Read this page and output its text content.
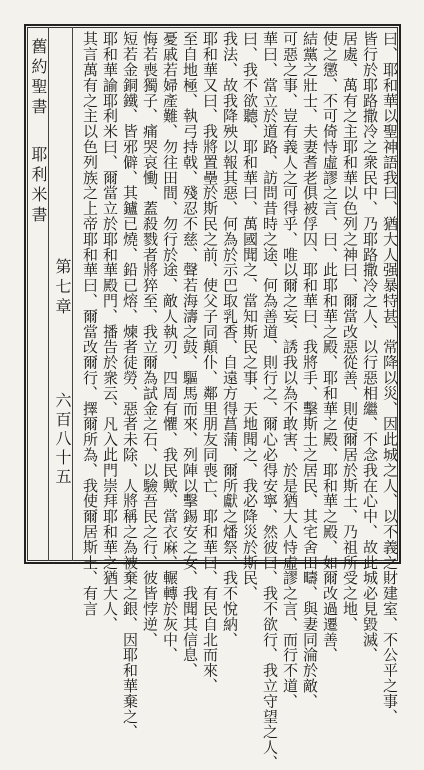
舊約聖書耶利米書
第七章
六百八十五	曰、耶和華以聖神語我曰、猶大人强暴特甚、常降以災、因此城之人、以不義之財建室、不公平之事、
皆行於耶路撒冷之衆民中、乃耶路撒冷之人、以行惡相繼、不念我在心中、故此城必見毀滅、
居處、萬有之主耶和華以色列之神曰、爾當改惡從善、則使爾居於斯土、乃祖所受之地、
使之懲、不可倚恃虛謬之言、曰、此耶和華之殿、耶和華之殿、耶和華之殿、如爾改過遷善、
結黨之壯士、夫妻耆老俱被俘囚、耶和華曰、我將手、擊斯土之居民、其宅舍田疇、與妻同淪於敵、
可惡之事、豈有義人之可得乎、唯以爾之妄、誘我以為不敢害、於是猶大人恃虛謬之言、而行不道、
華曰、當立於道路、訪問昔時之途、何為善道、則行之、爾心必得安寧、然彼曰、我不欲行、我立守望之人、
曰、我不欲聽、耶和華曰、萬國聞之、當知斯民之事、天地聞之、我必降災於斯民、
我法、故我降殃以報其惡、何為於示巴取乳香、自遠方得菖蒲、爾所獻之燔祭、我不悅納、
耶和華又曰、我將置壘於斯民之前、使父子同顛仆、鄰里朋友同喪亡、耶和華曰、有民自北而來、
至自地極、執弓持戟、殘忍不慈、聲若海濤之鼓、驅馬而來、列陣以擊錫安之女、我聞其信息、
憂戚若婦產難、勿往田間、勿行於途、敵人執刃、四周有懼、我民歟、當衣麻、輾轉於灰中、
悔若喪獨子、痛哭哀慟、蓋殺戮者將猝至、我立爾為試金之石、以驗吾民之行、彼皆悖逆、
短若金銅鐵、皆邪僻、其鑪已燒、鉛已熔、煉者徒勞、惡者未除、人將稱之為被棄之銀、因耶和華棄之、
耶和華諭耶利米曰、爾當立於耶和華殿門、播告於衆云、凡入此門崇拜耶和華之猶大人、
其言萬有之主以色列族之上帝耶和華曰、爾當改爾行、擇爾所為、我使爾居斯土、有言
